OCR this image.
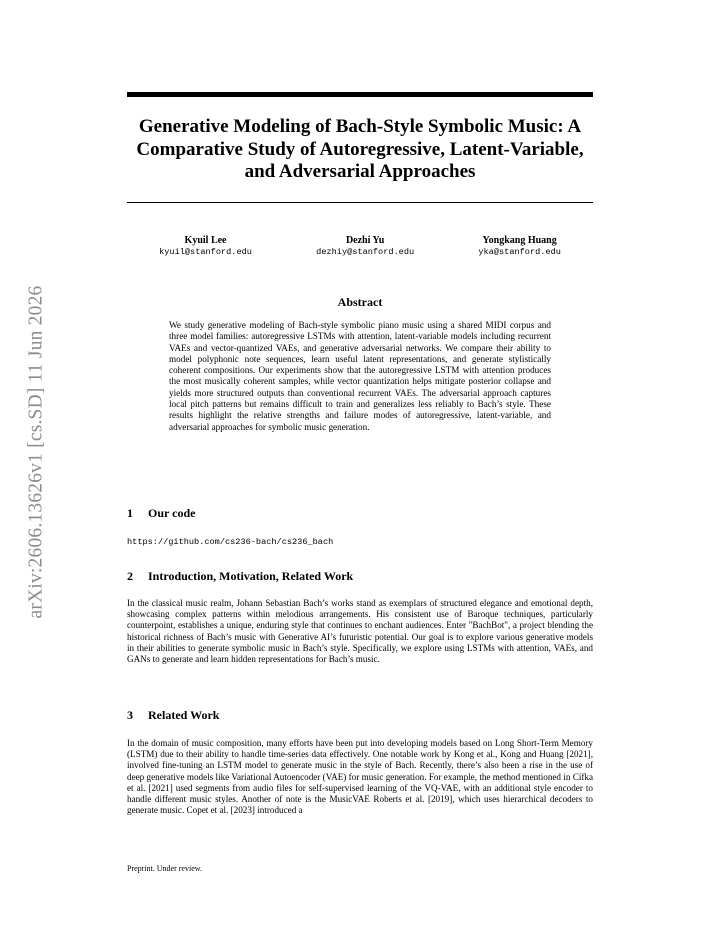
arXiv:2606.13626v1 [cs.SD] 11 Jun 2026
Generative Modeling of Bach-Style Symbolic Music: A Comparative Study of Autoregressive, Latent-Variable, and Adversarial Approaches
Kyuil Lee
kyuil@stanford.edu
Dezhi Yu
dezhiy@stanford.edu
Yongkang Huang
yka@stanford.edu
Abstract
We study generative modeling of Bach-style symbolic piano music using a shared MIDI corpus and three model families: autoregressive LSTMs with attention, latent-variable models including recurrent VAEs and vector-quantized VAEs, and generative adversarial networks. We compare their ability to model polyphonic note sequences, learn useful latent representations, and generate stylistically coherent compositions. Our experiments show that the autoregressive LSTM with attention produces the most musically coherent samples, while vector quantization helps mitigate posterior collapse and yields more structured outputs than conventional recurrent VAEs. The adversarial approach captures local pitch patterns but remains difficult to train and generalizes less reliably to Bach’s style. These results highlight the relative strengths and failure modes of autoregressive, latent-variable, and adversarial approaches for symbolic music generation.
1 Our code
https://github.com/cs236-bach/cs236_bach
2 Introduction, Motivation, Related Work
In the classical music realm, Johann Sebastian Bach’s works stand as exemplars of structured elegance and emotional depth, showcasing complex patterns within melodious arrangements. His consistent use of Baroque techniques, particularly counterpoint, establishes a unique, enduring style that continues to enchant audiences. Enter "BachBot", a project blending the historical richness of Bach’s music with Generative AI’s futuristic potential. Our goal is to explore various generative models in their abilities to generate symbolic music in Bach’s style. Specifically, we explore using LSTMs with attention, VAEs, and GANs to generate and learn hidden representations for Bach’s music.
3 Related Work
In the domain of music composition, many efforts have been put into developing models based on Long Short-Term Memory (LSTM) due to their ability to handle time-series data effectively. One notable work by Kong et al., Kong and Huang [2021], involved fine-tuning an LSTM model to generate music in the style of Bach. Recently, there’s also been a rise in the use of deep generative models like Variational Autoencoder (VAE) for music generation. For example, the method mentioned in Cífka et al. [2021] used segments from audio files for self-supervised learning of the VQ-VAE, with an additional style encoder to handle different music styles. Another of note is the MusicVAE Roberts et al. [2019], which uses hierarchical decoders to generate music. Copet et al. [2023] introduced a
Preprint. Under review.
